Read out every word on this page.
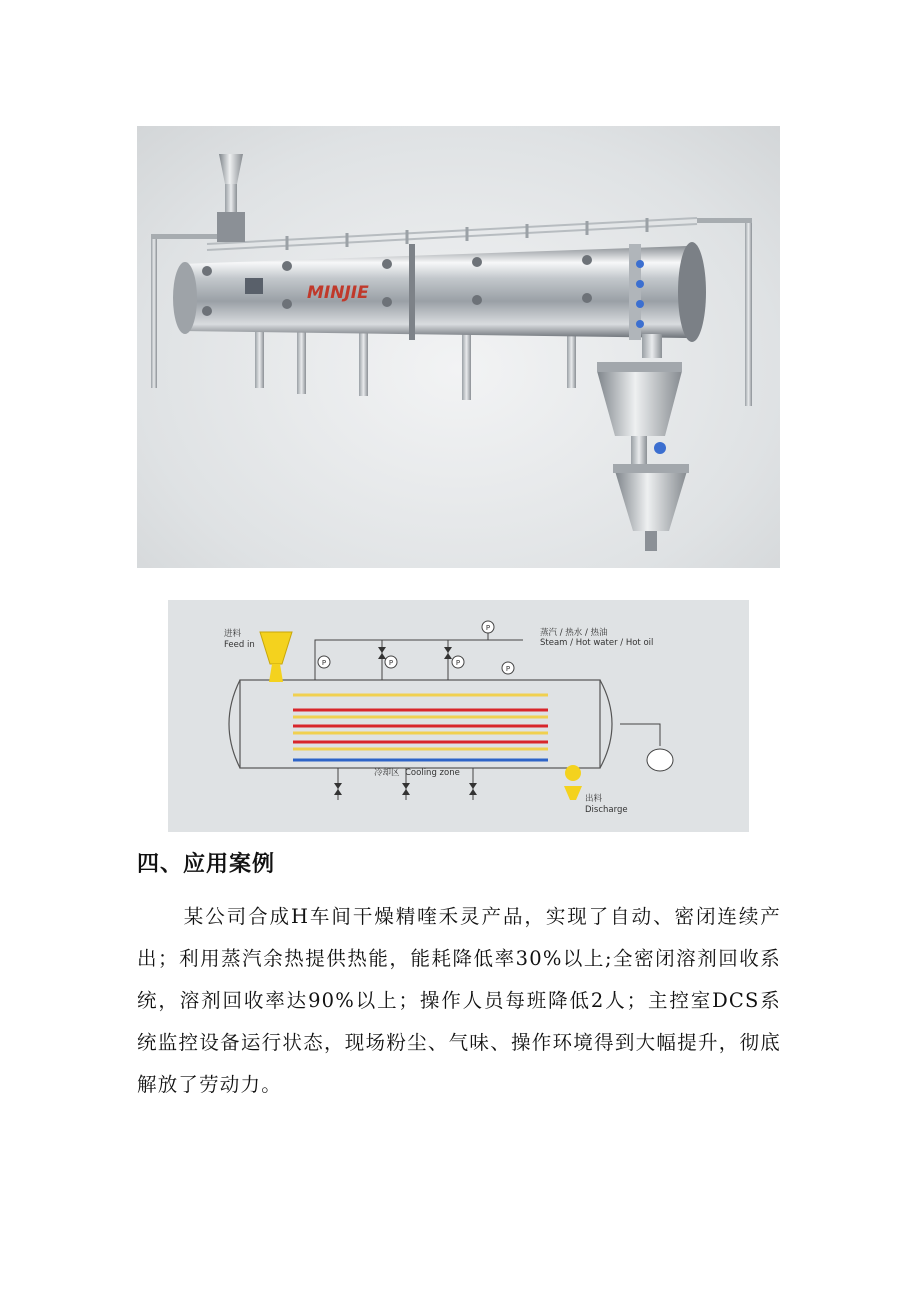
MINJIE
P
P	P	P
P
进料
Feed in
蒸汽 / 热水 / 热油
Steam / Hot water / Hot oil
冷却区 Cooling zone
出料
Discharge
四、应用案例
某公司合成H车间干燥精喹禾灵产品，实现了自动、密闭连续产出；利用蒸汽余热提供热能，能耗降低率30%以上;全密闭溶剂回收系统，溶剂回收率达90%以上；操作人员每班降低2人；主控室DCS系统监控设备运行状态，现场粉尘、气味、操作环境得到大幅提升，彻底解放了劳动力。
